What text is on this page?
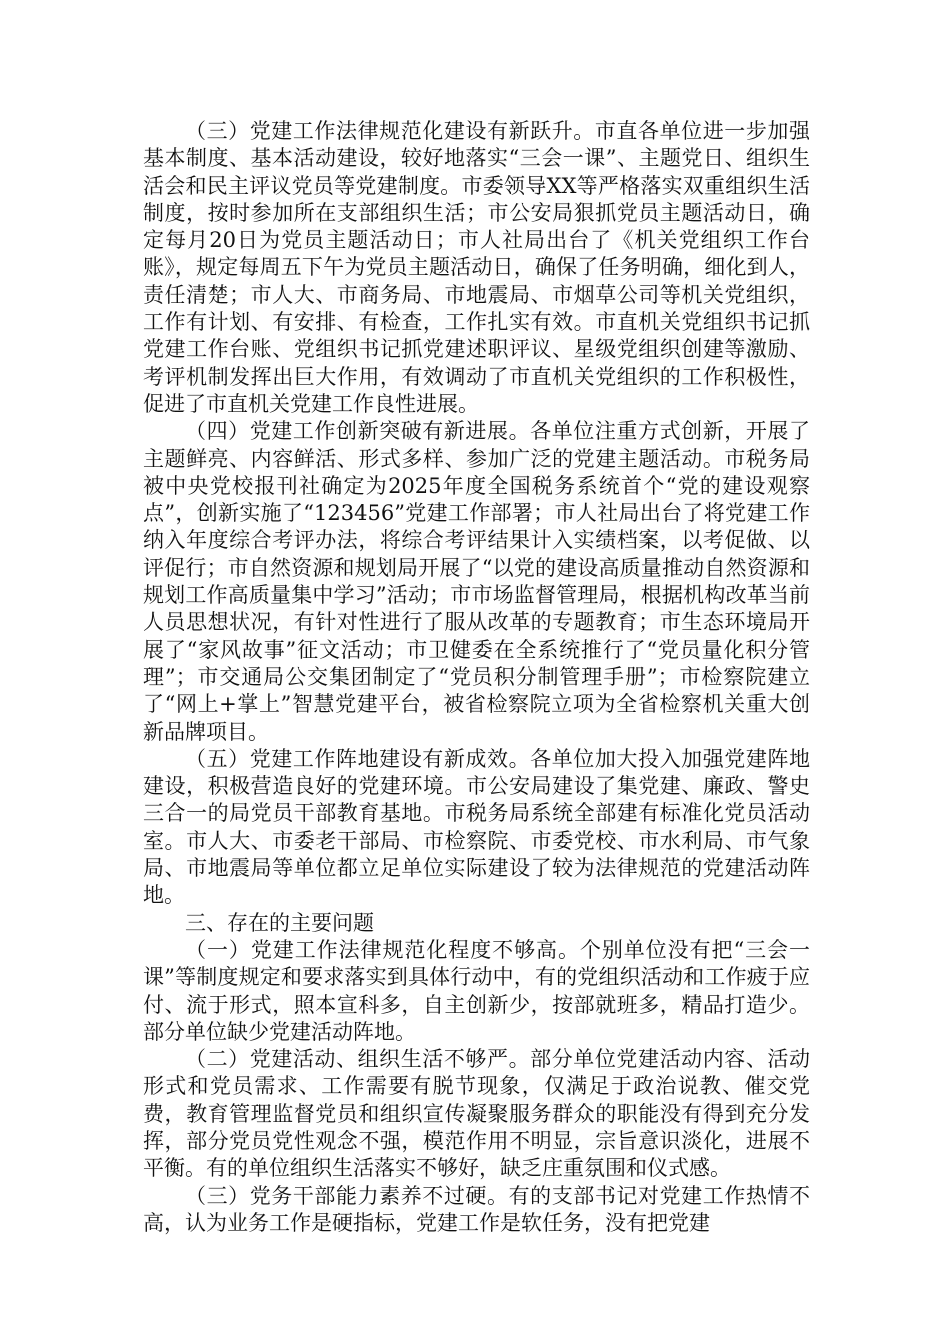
（三）党建工作法律规范化建设有新跃升。市直各单位进一步加强基本制度、基本活动建设，较好地落实“三会一课”、主题党日、组织生活会和民主评议党员等党建制度。市委领导XX等严格落实双重组织生活制度，按时参加所在支部组织生活；市公安局狠抓党员主题活动日，确定每月20日为党员主题活动日；市人社局出台了《机关党组织工作台账》，规定每周五下午为党员主题活动日，确保了任务明确，细化到人，责任清楚；市人大、市商务局、市地震局、市烟草公司等机关党组织，工作有计划、有安排、有检查，工作扎实有效。市直机关党组织书记抓党建工作台账、党组织书记抓党建述职评议、星级党组织创建等激励、考评机制发挥出巨大作用，有效调动了市直机关党组织的工作积极性，促进了市直机关党建工作良性进展。

（四）党建工作创新突破有新进展。各单位注重方式创新，开展了主题鲜亮、内容鲜活、形式多样、参加广泛的党建主题活动。市税务局被中央党校报刊社确定为2025年度全国税务系统首个“党的建设观察点”，创新实施了“123456”党建工作部署；市人社局出台了将党建工作纳入年度综合考评办法，将综合考评结果计入实绩档案，以考促做、以评促行；市自然资源和规划局开展了“以党的建设高质量推动自然资源和规划工作高质量集中学习”活动；市市场监督管理局，根据机构改革当前人员思想状况，有针对性进行了服从改革的专题教育；市生态环境局开展了“家风故事”征文活动；市卫健委在全系统推行了“党员量化积分管理”；市交通局公交集团制定了“党员积分制管理手册”；市检察院建立了“网上+掌上”智慧党建平台，被省检察院立项为全省检察机关重大创新品牌项目。

（五）党建工作阵地建设有新成效。各单位加大投入加强党建阵地建设，积极营造良好的党建环境。市公安局建设了集党建、廉政、警史三合一的局党员干部教育基地。市税务局系统全部建有标准化党员活动室。市人大、市委老干部局、市检察院、市委党校、市水利局、市气象局、市地震局等单位都立足单位实际建设了较为法律规范的党建活动阵地。

三、存在的主要问题

（一）党建工作法律规范化程度不够高。个别单位没有把“三会一课”等制度规定和要求落实到具体行动中，有的党组织活动和工作疲于应付、流于形式，照本宣科多，自主创新少，按部就班多，精品打造少。部分单位缺少党建活动阵地。

（二）党建活动、组织生活不够严。部分单位党建活动内容、活动形式和党员需求、工作需要有脱节现象，仅满足于政治说教、催交党费，教育管理监督党员和组织宣传凝聚服务群众的职能没有得到充分发挥，部分党员党性观念不强，模范作用不明显，宗旨意识淡化，进展不平衡。有的单位组织生活落实不够好，缺乏庄重氛围和仪式感。

（三）党务干部能力素养不过硬。有的支部书记对党建工作热情不高，认为业务工作是硬指标，党建工作是软任务，没有把党建
